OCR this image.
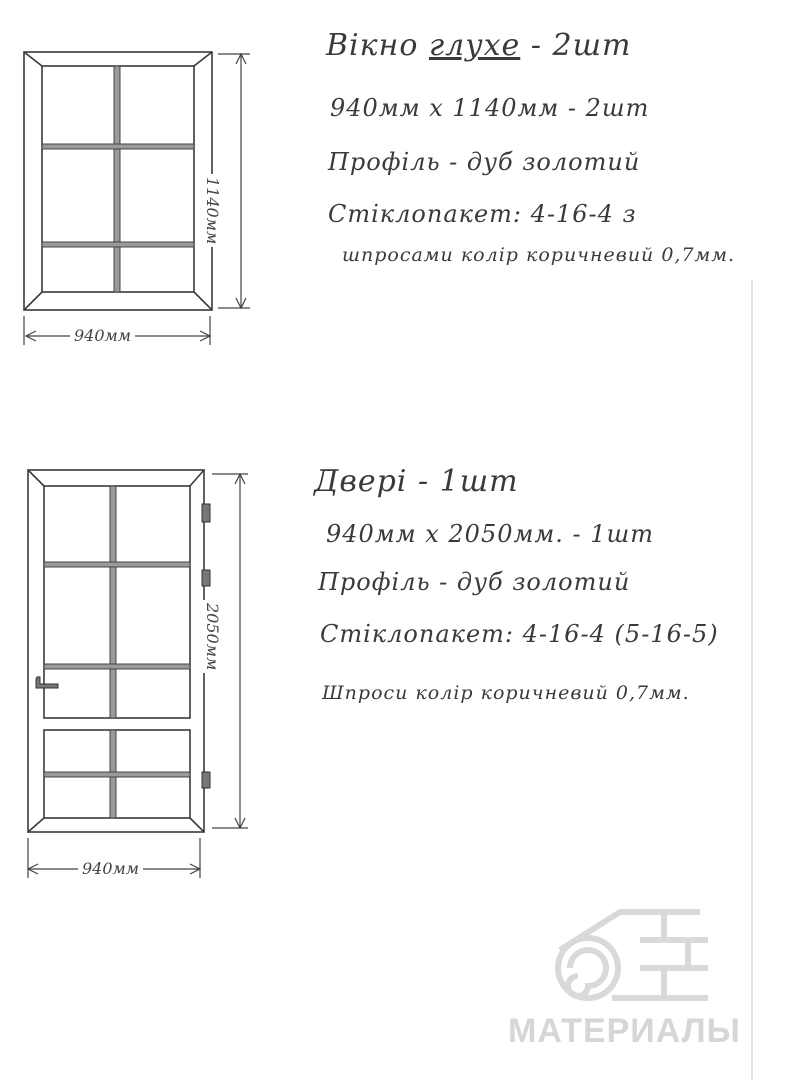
940мм
1140мм
940мм
2050мм
Вікно глухе - 2шт
940мм х 1140мм - 2шт
Профіль - дуб золотий
Стіклопакет: 4-16-4 з
шпросами колір коричневий 0,7мм.
Двері - 1шт
940мм х 2050мм. - 1шт
Профіль - дуб золотий
Стіклопакет: 4-16-4 (5-16-5)
Шпроси колір коричневий 0,7мм.
МАТЕРИАЛЫ
